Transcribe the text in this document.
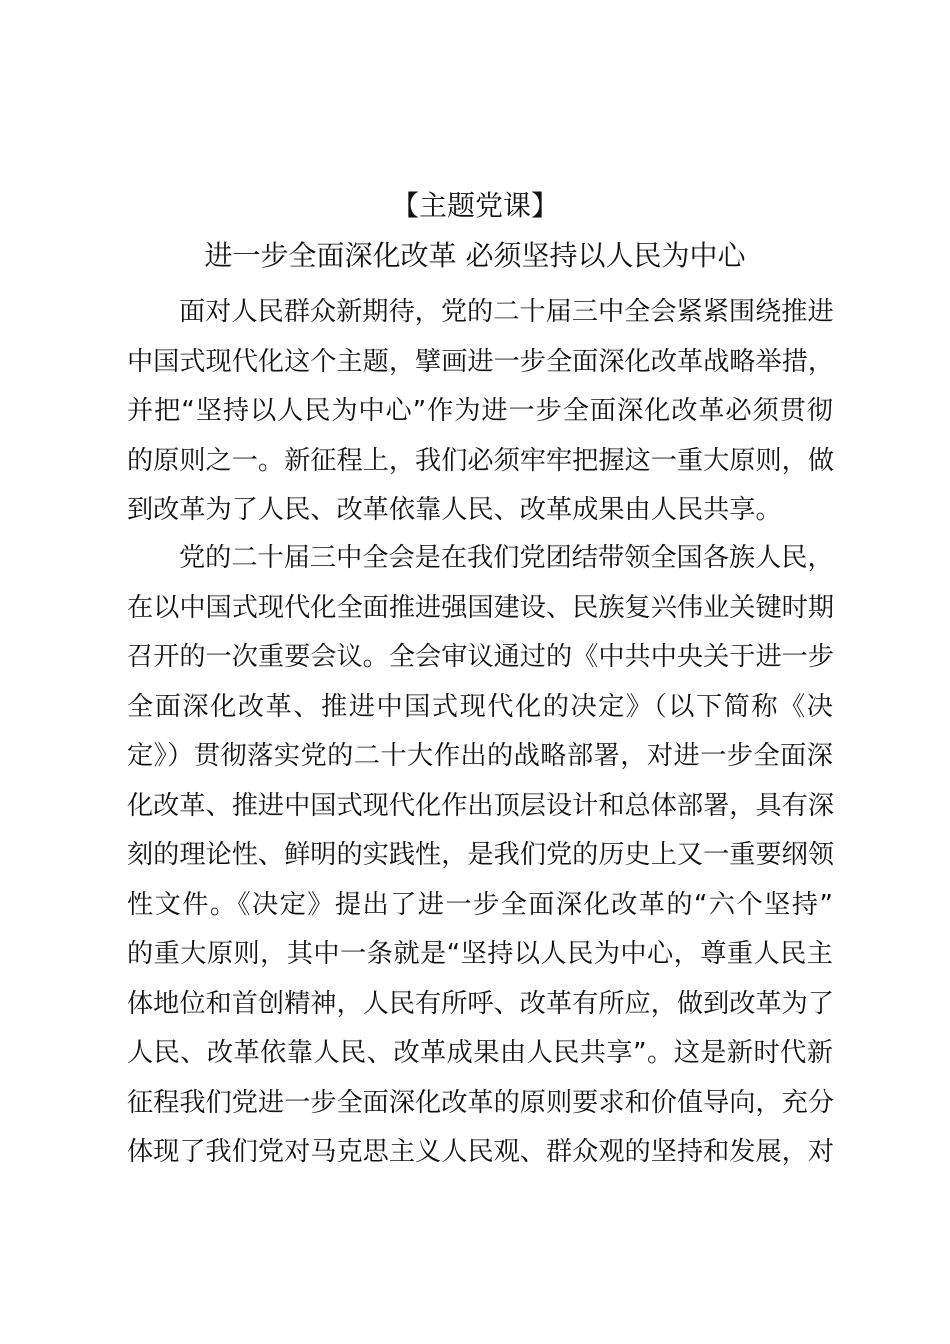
【主题党课】
进一步全面深化改革 必须坚持以人民为中心
面对人民群众新期待，党的二十届三中全会紧紧围绕推进
中国式现代化这个主题，擘画进一步全面深化改革战略举措，
并把“坚持以人民为中心”作为进一步全面深化改革必须贯彻
的原则之一。新征程上，我们必须牢牢把握这一重大原则，做
到改革为了人民、改革依靠人民、改革成果由人民共享。
党的二十届三中全会是在我们党团结带领全国各族人民，
在以中国式现代化全面推进强国建设、民族复兴伟业关键时期
召开的一次重要会议。全会审议通过的《中共中央关于进一步
全面深化改革、推进中国式现代化的决定》（以下简称《决
定》）贯彻落实党的二十大作出的战略部署，对进一步全面深
化改革、推进中国式现代化作出顶层设计和总体部署，具有深
刻的理论性、鲜明的实践性，是我们党的历史上又一重要纲领
性文件。《决定》提出了进一步全面深化改革的“六个坚持”
的重大原则，其中一条就是“坚持以人民为中心，尊重人民主
体地位和首创精神，人民有所呼、改革有所应，做到改革为了
人民、改革依靠人民、改革成果由人民共享”。这是新时代新
征程我们党进一步全面深化改革的原则要求和价值导向，充分
体现了我们党对马克思主义人民观、群众观的坚持和发展，对
